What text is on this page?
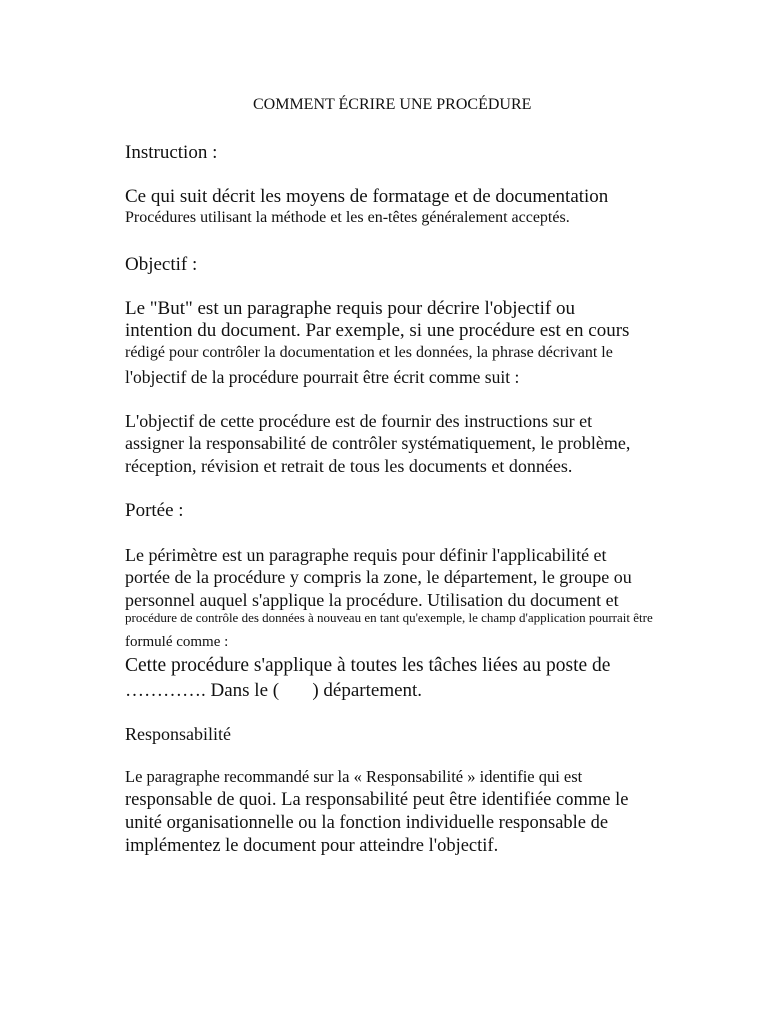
COMMENT ÉCRIRE UNE PROCÉDURE
Instruction :
Ce qui suit décrit les moyens de formatage et de documentation
Procédures utilisant la méthode et les en-têtes généralement acceptés.
Objectif :
Le "But" est un paragraphe requis pour décrire l'objectif ou
intention du document. Par exemple, si une procédure est en cours
rédigé pour contrôler la documentation et les données, la phrase décrivant le
l'objectif de la procédure pourrait être écrit comme suit :
L'objectif de cette procédure est de fournir des instructions sur et
assigner la responsabilité de contrôler systématiquement, le problème,
réception, révision et retrait de tous les documents et données.
Portée :
Le périmètre est un paragraphe requis pour définir l'applicabilité et
portée de la procédure y compris la zone, le département, le groupe ou
personnel auquel s'applique la procédure. Utilisation du document et
procédure de contrôle des données à nouveau en tant qu'exemple, le champ d'application pourrait être
formulé comme :
Cette procédure s'applique à toutes les tâches liées au poste de
…………. Dans le (       ) département.
Responsabilité
Le paragraphe recommandé sur la « Responsabilité » identifie qui est
responsable de quoi. La responsabilité peut être identifiée comme le
unité organisationnelle ou la fonction individuelle responsable de
implémentez le document pour atteindre l'objectif.
